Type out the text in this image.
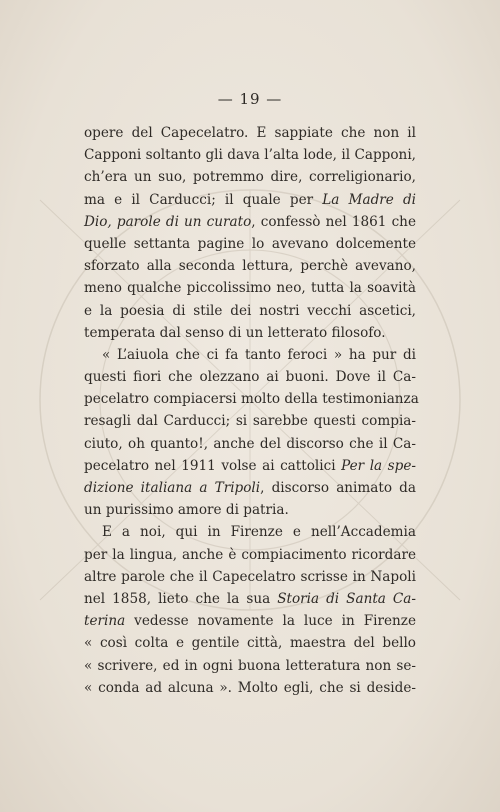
— 19 —
opere del Capecelatro. E sappiate che non il
Capponi soltanto gli dava l’alta lode, il Capponi,
ch’era un suo, potremmo dire, correligionario,
ma e il Carducci; il quale per La Madre di
Dio, parole di un curato, confessò nel 1861 che
quelle settanta pagine lo avevano dolcemente
sforzato alla seconda lettura, perchè avevano,
meno qualche piccolissimo neo, tutta la soavità
e la poesia di stile dei nostri vecchi ascetici,
temperata dal senso di un letterato filosofo.
« L’aiuola che ci fa tanto feroci » ha pur di
questi fiori che olezzano ai buoni. Dove il Ca-
pecelatro compiacersi molto della testimonianza
resagli dal Carducci; si sarebbe questi compia-
ciuto, oh quanto!, anche del discorso che il Ca-
pecelatro nel 1911 volse ai cattolici Per la spe-
dizione italiana a Tripoli, discorso animato da
un purissimo amore di patria.
E a noi, qui in Firenze e nell’Accademia
per la lingua, anche è compiacimento ricordare
altre parole che il Capecelatro scrisse in Napoli
nel 1858, lieto che la sua Storia di Santa Ca-
terina vedesse novamente la luce in Firenze
« così colta e gentile città, maestra del bello
« scrivere, ed in ogni buona letteratura non se-
« conda ad alcuna ». Molto egli, che si deside-
